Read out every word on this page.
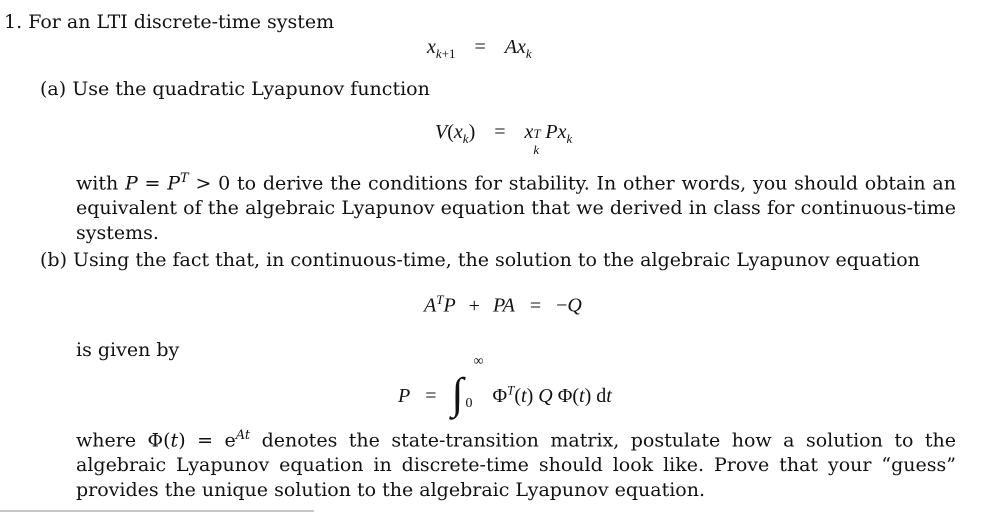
1. For an LTI discrete-time system
$x_{k+1} = Ax_k$
(a) Use the quadratic Lyapunov function
$V(x_k) = x$ T
k
$Px_k$
with $P = P^T > 0$ to derive the conditions for stability. In other words, you should obtain an equivalent of the algebraic Lyapunov equation that we derived in class for continuous-time systems.
(b) Using the fact that, in continuous-time, the solution to the algebraic Lyapunov equation
$A^TP$ + PA = −Q
is given by
P = ∫
∞
0 $\Phi^T(t)$ Q Φ(t) dt
where $\Phi(t) = e^{At}$ denotes the state-transition matrix, postulate how a solution to the algebraic Lyapunov equation in discrete-time should look like. Prove that your “guess” provides the unique solution to the algebraic Lyapunov equation.
